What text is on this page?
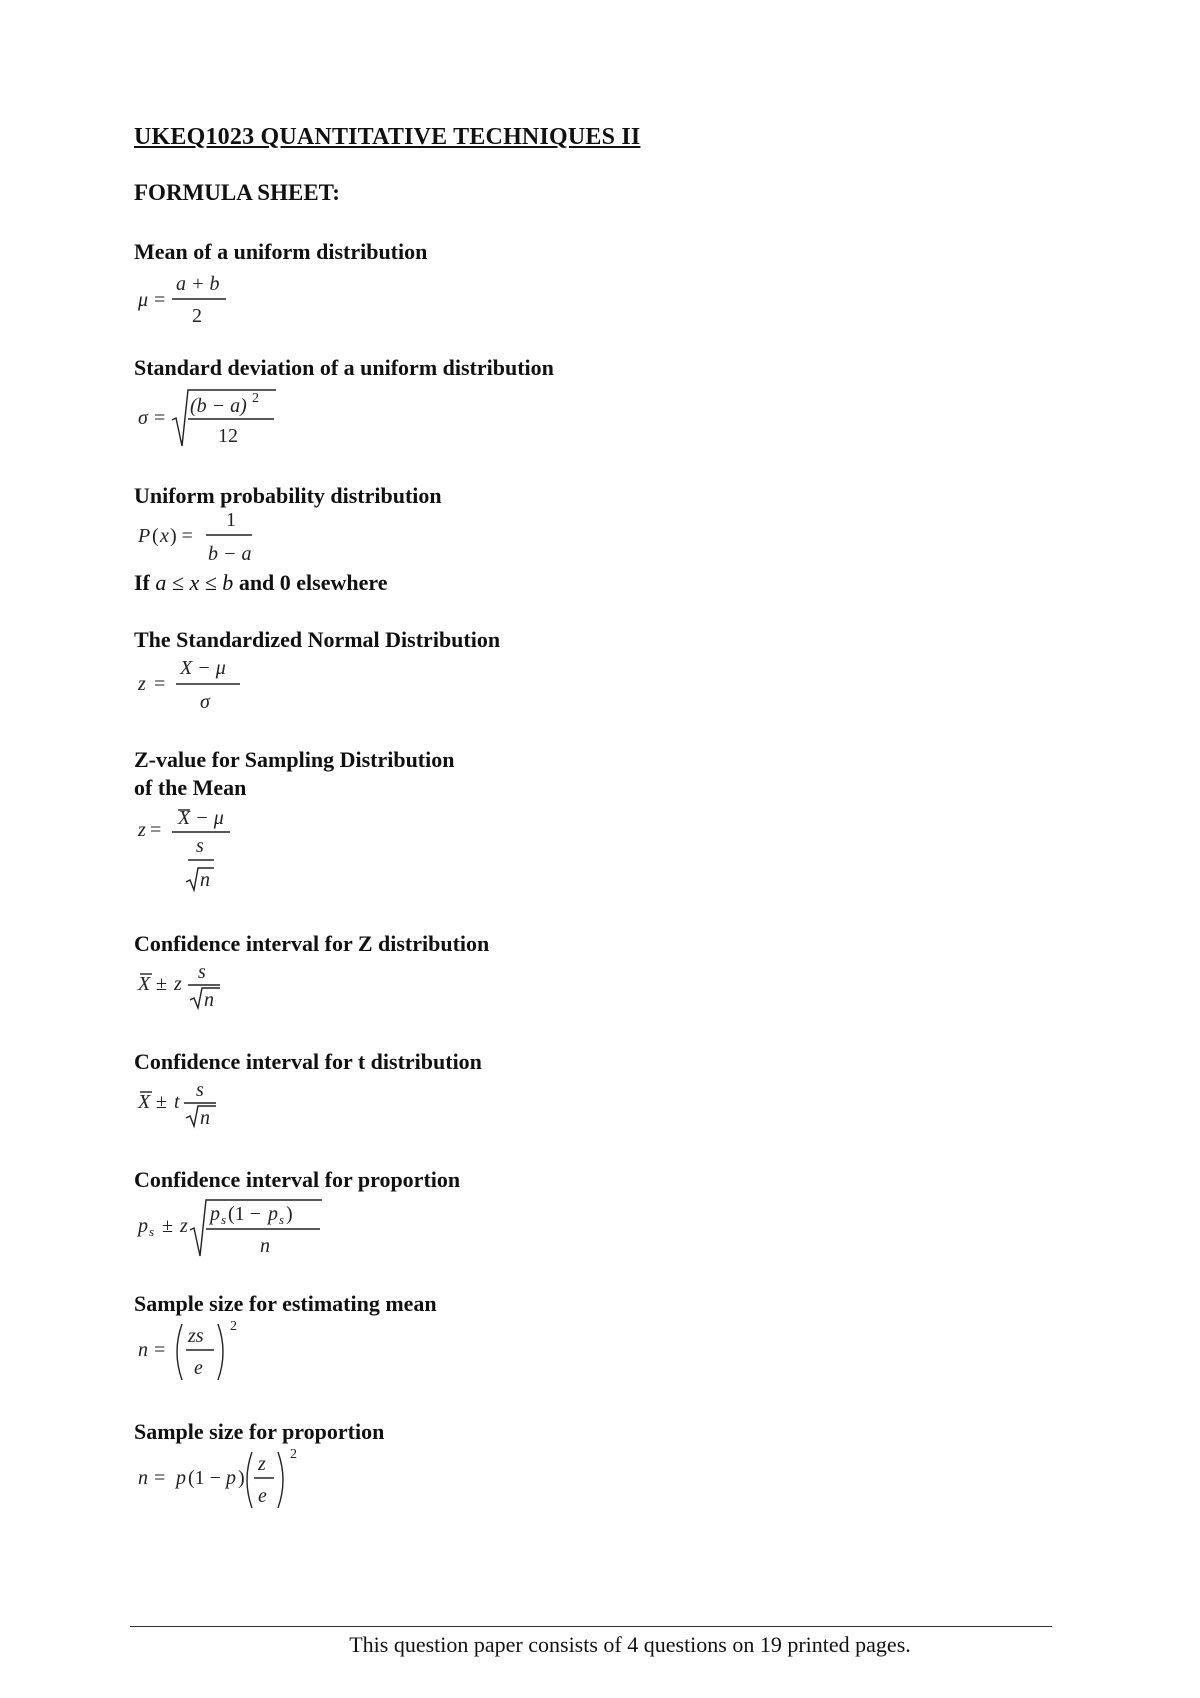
UKEQ1023 QUANTITATIVE TECHNIQUES II

FORMULA SHEET:

Mean of a uniform distribution

μ =
a + b
2

Standard deviation of a uniform distribution

σ =
(b − a) 2
12

Uniform probability distribution

P ( x ) =
1
b − a

If a ≤ x ≤ b and 0 elsewhere

The Standardized Normal Distribution

z =
X − μ
σ

Z-value for Sampling Distribution

of the Mean

z =
X − μ
s
n

Confidence interval for Z distribution

X ± z
s
n

Confidence interval for t distribution

X ± t
s
n

Confidence interval for proportion

p s ± z
p s (1 − p s )
n

Sample size for estimating mean

n =
zs
e
2

Sample size for proportion

n = p (1 − p )
z
e
2

This question paper consists of 4 questions on 19 printed pages.
